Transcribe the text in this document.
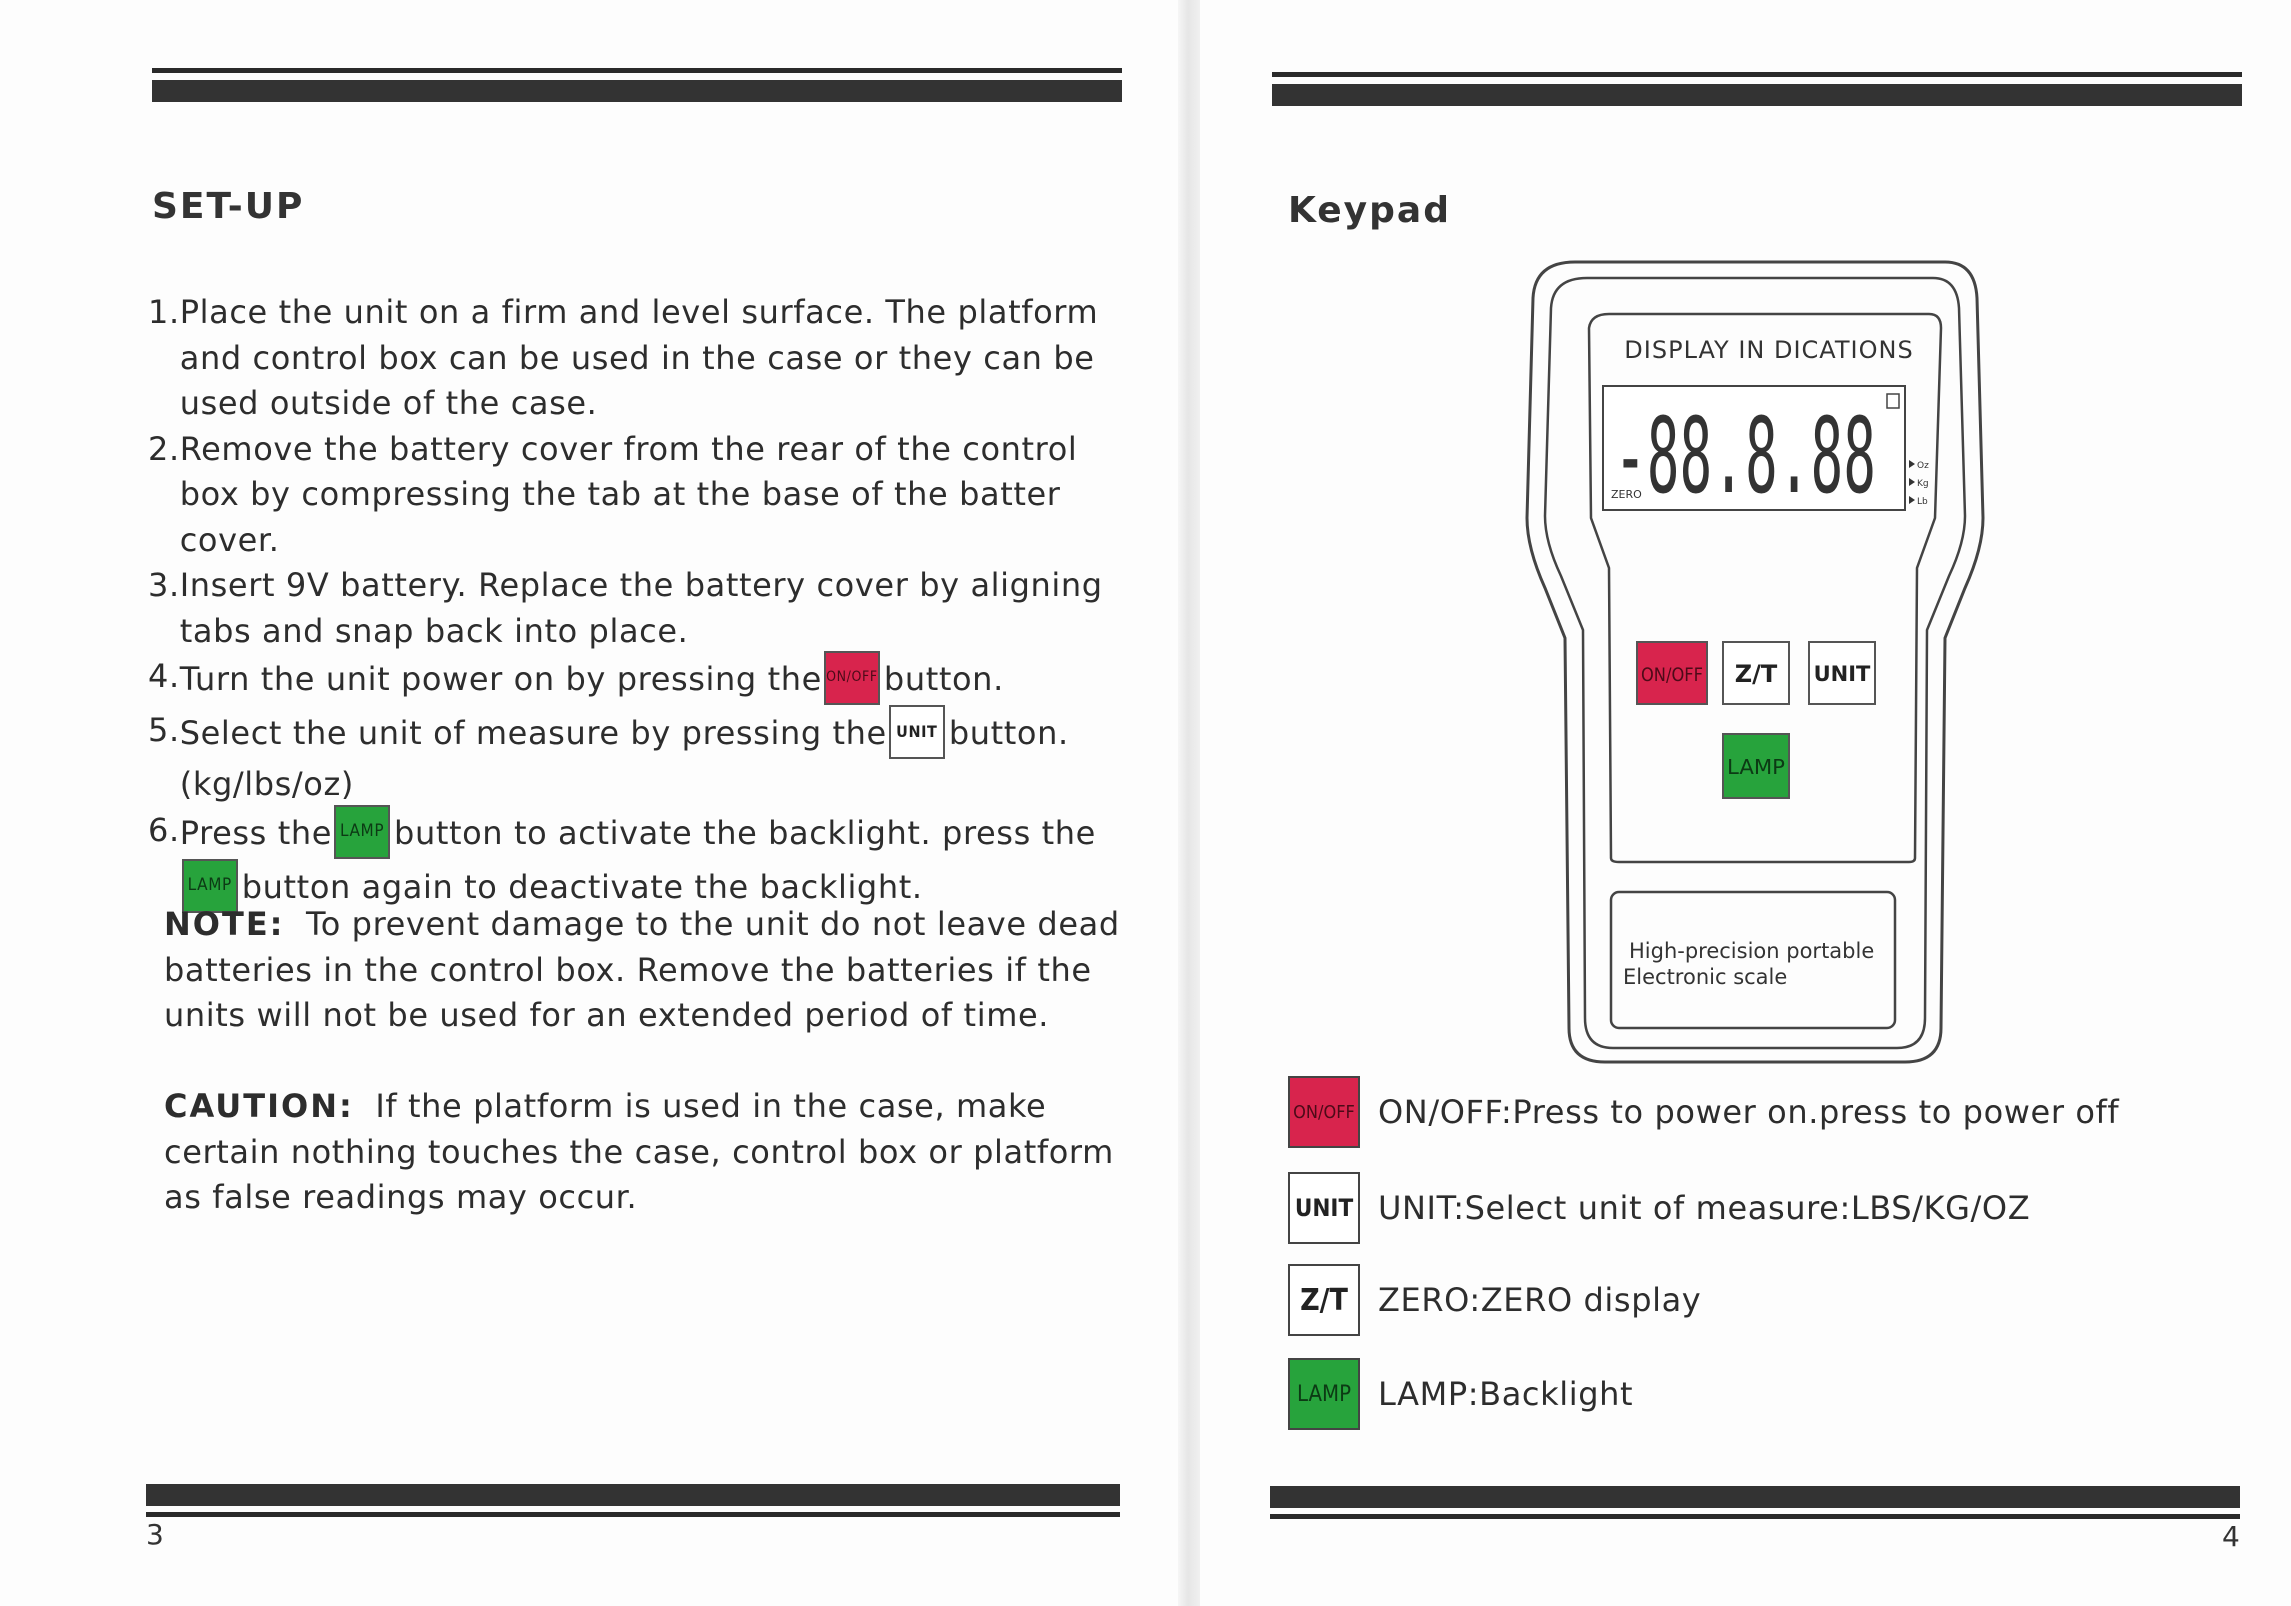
SET-UP
1. Place the unit on a firm and level surface. The platform and control box can be used in the case or they can be used outside of the case.
2. Remove the battery cover from the rear of the control box by compressing the tab at the base of the batter cover.
3. Insert 9V battery. Replace the battery cover by aligning tabs and snap back into place.
4. Turn the unit power on by pressing the ON/OFF button.
5. Select the unit of measure by pressing the UNIT button. (kg/lbs/oz)
6. Press the LAMP button to activate the backlight. press the LAMP button again to deactivate the backlight.
NOTE: To prevent damage to the unit do not leave dead batteries in the control box. Remove the batteries if the units will not be used for an extended period of time.
CAUTION: If the platform is used in the case, make certain nothing touches the case, control box or platform as false readings may occur.
3
Keypad
DISPLAY IN DICATIONS
-88.8.88
ZERO
Oz
Kg
Lb
ON/OFF Z/T UNIT
LAMP
High-precision portable
Electronic scale
ON/OFF ON/OFF:Press to power on.press to power off
UNIT UNIT:Select unit of measure:LBS/KG/OZ
Z/T ZERO:ZERO display
LAMP LAMP:Backlight
4
